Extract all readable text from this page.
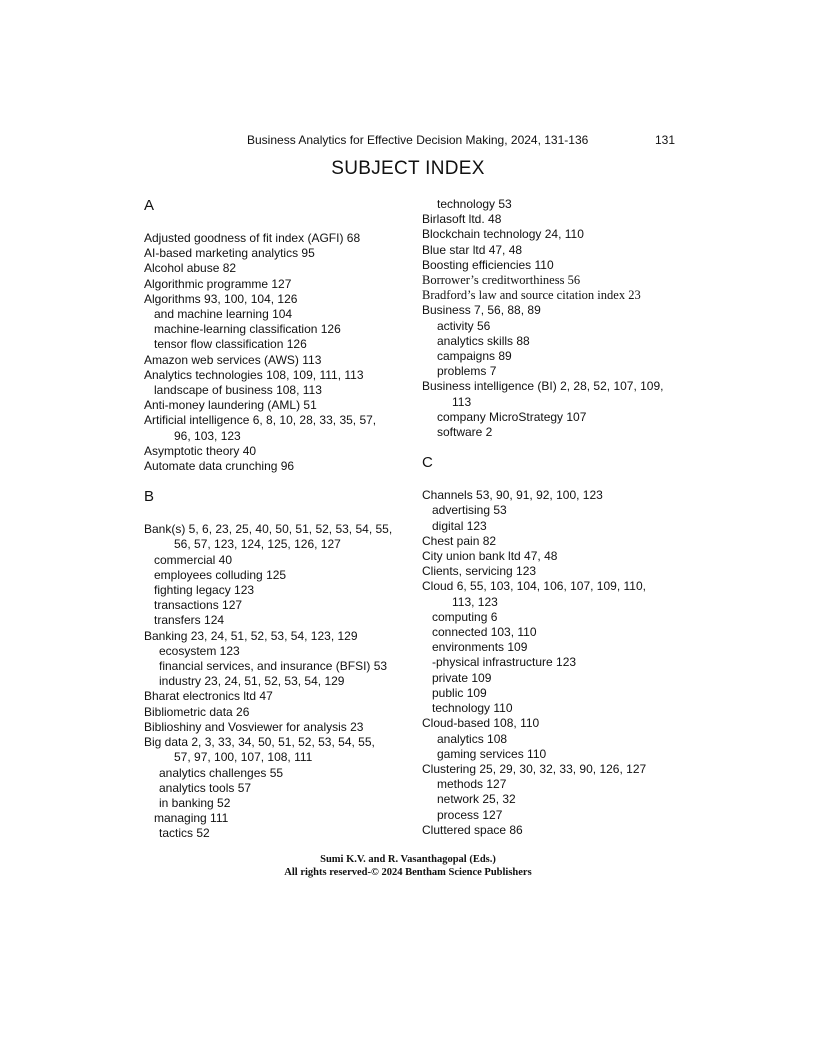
Business Analytics for Effective Decision Making, 2024, 131-136	131
SUBJECT INDEX
A
Adjusted goodness of fit index (AGFI) 68
AI-based marketing analytics 95
Alcohol abuse 82
Algorithmic programme 127
Algorithms 93, 100, 104, 126
and machine learning 104
machine-learning classification 126
tensor flow classification 126
Amazon web services (AWS) 113
Analytics technologies 108, 109, 111, 113
landscape of business 108, 113
Anti-money laundering (AML) 51
Artificial intelligence 6, 8, 10, 28, 33, 35, 57,
96, 103, 123
Asymptotic theory 40
Automate data crunching 96
B
Bank(s) 5, 6, 23, 25, 40, 50, 51, 52, 53, 54, 55,
56, 57, 123, 124, 125, 126, 127
commercial 40
employees colluding 125
fighting legacy 123
transactions 127
transfers 124
Banking 23, 24, 51, 52, 53, 54, 123, 129
ecosystem 123
financial services, and insurance (BFSI) 53
industry 23, 24, 51, 52, 53, 54, 129
Bharat electronics ltd 47
Bibliometric data 26
Biblioshiny and Vosviewer for analysis 23
Big data 2, 3, 33, 34, 50, 51, 52, 53, 54, 55,
57, 97, 100, 107, 108, 111
analytics challenges 55
analytics tools 57
in banking 52
managing 111
tactics 52
technology 53
Birlasoft ltd. 48
Blockchain technology 24, 110
Blue star ltd 47, 48
Boosting efficiencies 110
Borrower’s creditworthiness 56
Bradford’s law and source citation index 23
Business 7, 56, 88, 89
activity 56
analytics skills 88
campaigns 89
problems 7
Business intelligence (BI) 2, 28, 52, 107, 109,
113
company MicroStrategy 107
software 2
C
Channels 53, 90, 91, 92, 100, 123
advertising 53
digital 123
Chest pain 82
City union bank ltd 47, 48
Clients, servicing 123
Cloud 6, 55, 103, 104, 106, 107, 109, 110,
113, 123
computing 6
connected 103, 110
environments 109
-physical infrastructure 123
private 109
public 109
technology 110
Cloud-based 108, 110
analytics 108
gaming services 110
Clustering 25, 29, 30, 32, 33, 90, 126, 127
methods 127
network 25, 32
process 127
Cluttered space 86
Sumi K.V. and R. Vasanthagopal (Eds.)
All rights reserved-© 2024 Bentham Science Publishers
